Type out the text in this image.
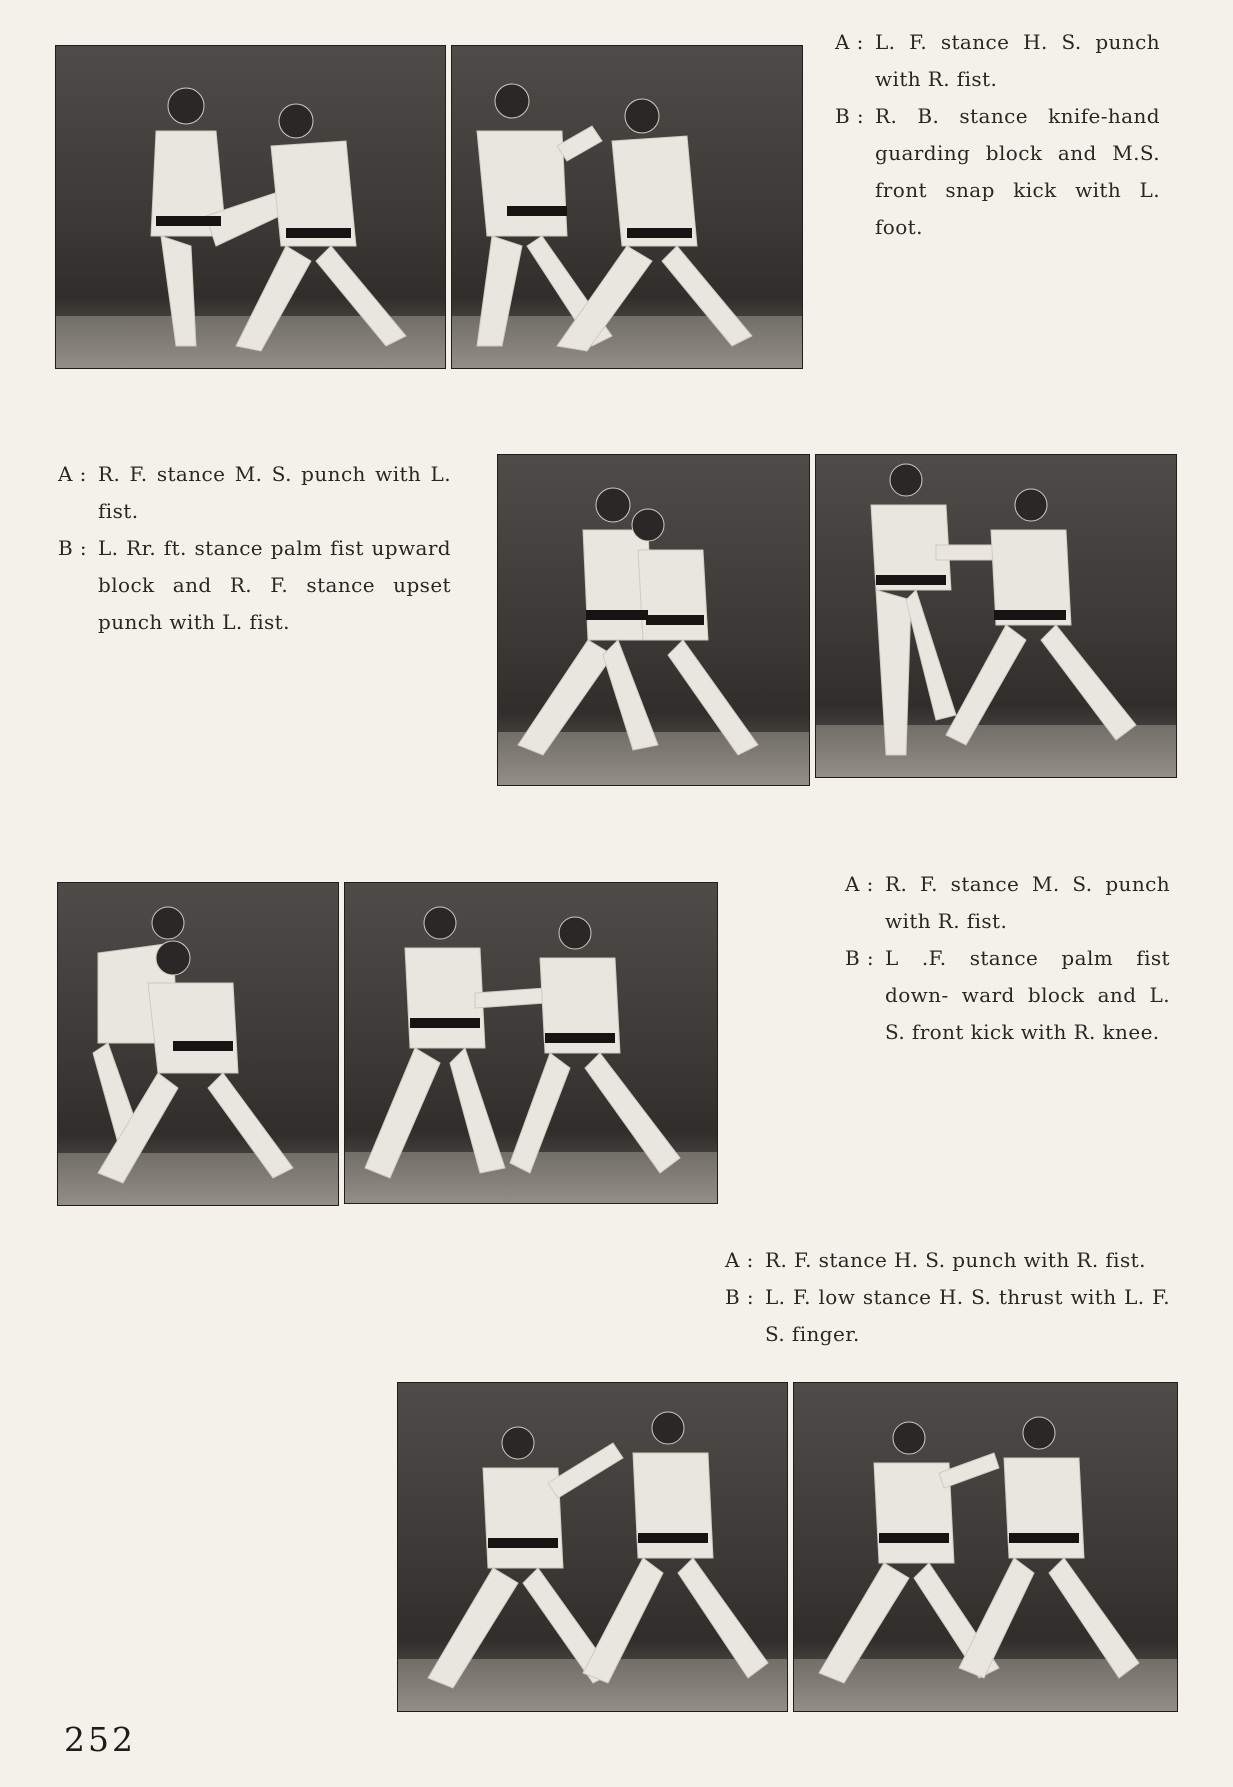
A : L. F. stance H. S. punch with R. fist.
B : R. B. stance knife-hand guarding block and M.S. front snap kick with L. foot.
A : R. F. stance M. S. punch with L. fist.
B : L. Rr. ft. stance palm fist upward block and R. F. stance upset punch with L. fist.
A : R. F. stance M. S. punch with R. fist.
B : L .F. stance palm fist down- ward block and L. S. front kick with R. knee.
A : R. F. stance H. S. punch with R. fist.
B : L. F. low stance H. S. thrust with L. F. S. finger.
252
